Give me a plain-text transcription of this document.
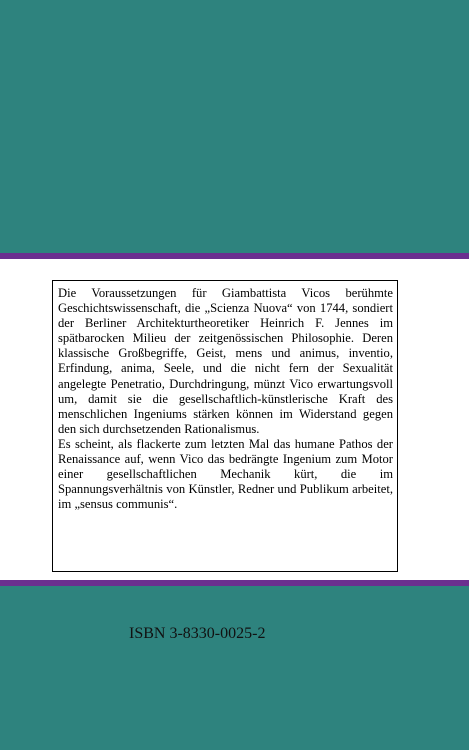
Die Voraussetzungen für Giambattista Vicos berühmte Geschichtswissenschaft, die „Scienza Nuova“ von 1744, sondiert der Berliner Architekturtheoretiker Heinrich F. Jennes im spätbarocken Milieu der zeitgenössischen Philosophie. Deren klassische Großbegriffe, Geist, mens und animus, inventio, Erfindung, anima, Seele, und die nicht fern der Sexualität angelegte Penetratio, Durchdringung, münzt Vico erwartungsvoll um, damit sie die gesellschaftlich-künstlerische Kraft des menschlichen Ingeniums stärken können im Widerstand gegen den sich durchsetzenden Rationalismus.

Es scheint, als flackerte zum letzten Mal das humane Pathos der Renaissance auf, wenn Vico das bedrängte Ingenium zum Motor einer gesellschaftlichen Mechanik kürt, die im Spannungsverhältnis von Künstler, Redner und Publikum arbeitet, im „sensus communis“.

ISBN 3-8330-0025-2
